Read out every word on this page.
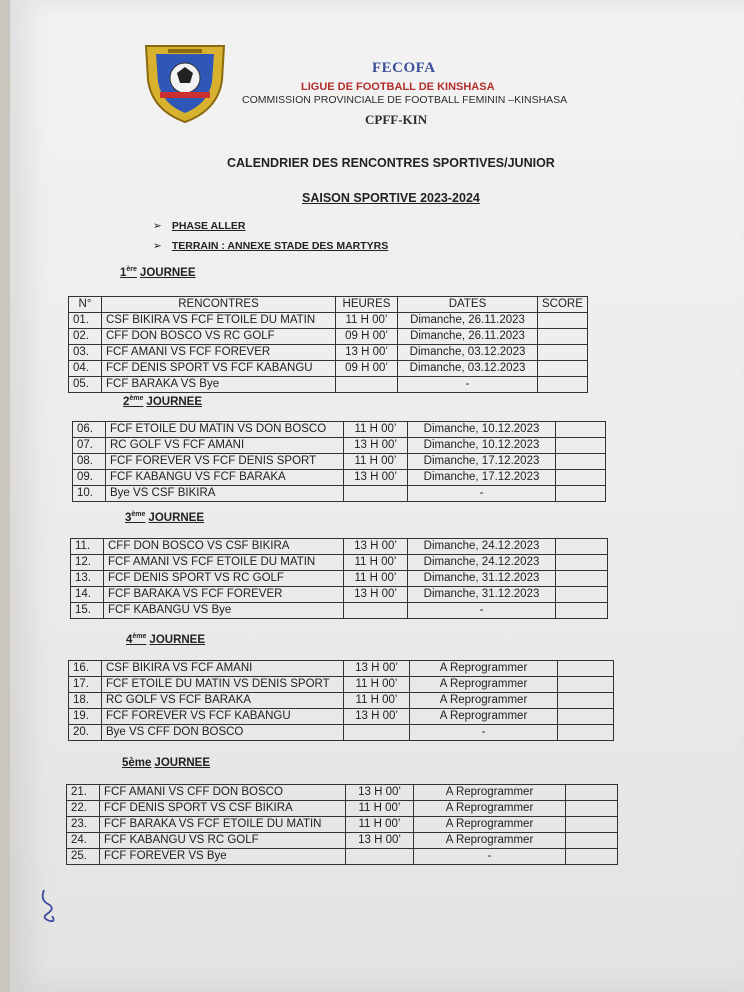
FECOFA
LIGUE DE FOOTBALL DE KINSHASA
COMMISSION PROVINCIALE DE FOOTBALL FEMININ –KINSHASA
CPFF-KIN
CALENDRIER DES RENCONTRES SPORTIVES/JUNIOR
SAISON SPORTIVE 2023-2024
➢ PHASE ALLER
➢ TERRAIN : ANNEXE STADE DES MARTYRS
1ère JOURNEE
N°	RENCONTRES	HEURES	DATES	SCORE
01.	CSF BIKIRA VS FCF ETOILE DU MATIN	11 H 00’	Dimanche, 26.11.2023	
02.	CFF DON BOSCO VS RC GOLF	09 H 00’	Dimanche, 26.11.2023	
03.	FCF AMANI VS FCF FOREVER	13 H 00’	Dimanche, 03.12.2023	
04.	FCF DENIS SPORT VS FCF KABANGU	09 H 00’	Dimanche, 03.12.2023	
05.	FCF BARAKA VS Bye		-	
2ème JOURNEE
06.	FCF ETOILE DU MATIN VS DON BOSCO	11 H 00’	Dimanche, 10.12.2023	
07.	RC GOLF VS FCF AMANI	13 H 00’	Dimanche, 10.12.2023	
08.	FCF FOREVER VS FCF DENIS SPORT	11 H 00’	Dimanche, 17.12.2023	
09.	FCF KABANGU VS FCF BARAKA	13 H 00’	Dimanche, 17.12.2023	
10.	Bye VS CSF BIKIRA		-	
3ème JOURNEE
11.	CFF DON BOSCO VS CSF BIKIRA	13 H 00’	Dimanche, 24.12.2023	
12.	FCF AMANI VS FCF ETOILE DU MATIN	11 H 00’	Dimanche, 24.12.2023	
13.	FCF DENIS SPORT VS RC GOLF	11 H 00’	Dimanche, 31.12.2023	
14.	FCF BARAKA VS FCF FOREVER	13 H 00’	Dimanche, 31.12.2023	
15.	FCF KABANGU VS Bye		-	
4ème JOURNEE
16.	CSF BIKIRA VS FCF AMANI	13 H 00’	A Reprogrammer	
17.	FCF ETOILE DU MATIN VS DENIS SPORT	11 H 00’	A Reprogrammer	
18.	RC GOLF VS FCF BARAKA	11 H 00’	A Reprogrammer	
19.	FCF FOREVER VS FCF KABANGU	13 H 00’	A Reprogrammer	
20.	Bye VS CFF DON BOSCO		-	
5ème JOURNEE
21.	FCF AMANI VS CFF DON BOSCO	13 H 00’	A Reprogrammer	
22.	FCF DENIS SPORT VS CSF BIKIRA	11 H 00’	A Reprogrammer	
23.	FCF BARAKA VS FCF ETOILE DU MATIN	11 H 00’	A Reprogrammer	
24.	FCF KABANGU VS RC GOLF	13 H 00’	A Reprogrammer	
25.	FCF FOREVER VS Bye		-	
